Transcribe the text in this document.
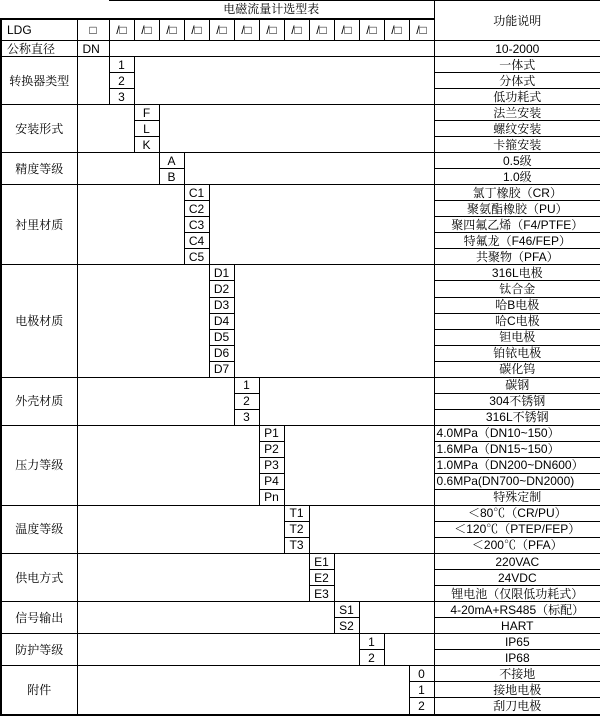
		电磁流量计选型表													功能说明
LDG	□	/□	/□	/□	/□	/□	/□	/□	/□	/□	/□	/□	/□	/□	
公称直径	DN														10-2000
转换器类型		1													一体式
		2													分体式
		3													低功耗式
安装形式			F												法兰安装
			L												螺纹安装
			K												卡箍安装
精度等级				A											0.5级
				B											1.0级
衬里材质					C1										氯丁橡胶（CR）
					C2										聚氨酯橡胶（PU）
					C3										聚四氟乙烯（F4/PTFE）
					C4										特氟龙（F46/FEP）
					C5										共聚物（PFA）
电极材质						D1									316L电极
						D2									钛合金
						D3									哈B电极
						D4									哈C电极
						D5									钽电极
						D6									铂铱电极
						D7									碳化钨
外壳材质							1								碳钢
							2								304不锈钢
							3								316L不锈钢
压力等级								P1							4.0MPa（DN10~150）
								P2							1.6MPa（DN15~150）
								P3							1.0MPa（DN200~DN600）
								P4							0.6MPa(DN700~DN2000)
								Pn							特殊定制
温度等级									T1						＜80℃（CR/PU）
									T2						＜120℃（PTEP/FEP）
									T3						＜200℃（PFA）
供电方式										E1					220VAC
										E2					24VDC
										E3					锂电池（仅限低功耗式）
信号输出											S1				4-20mA+RS485（标配）
											S2				HART
防护等级												1			IP65
												2			IP68
附件														0	不接地
														1	接地电极
														2	刮刀电极
